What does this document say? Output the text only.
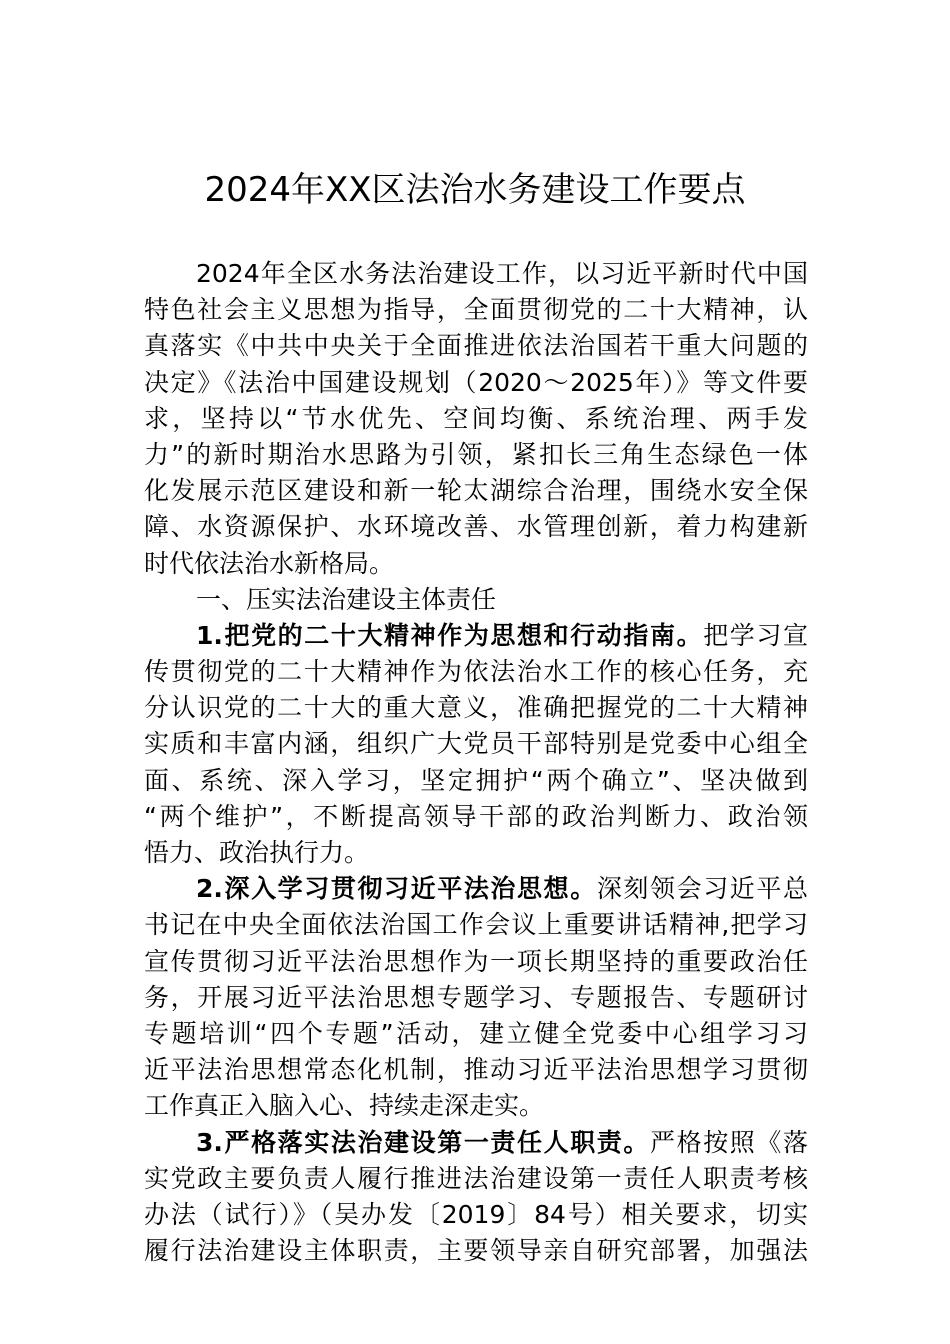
2024年XX区法治水务建设工作要点
2024年全区水务法治建设工作，以习近平新时代中国
特色社会主义思想为指导，全面贯彻党的二十大精神，认
真落实《中共中央关于全面推进依法治国若干重大问题的
决定》《法治中国建设规划（2020～2025年）》等文件要
求，坚持以“节水优先、空间均衡、系统治理、两手发
力”的新时期治水思路为引领，紧扣长三角生态绿色一体
化发展示范区建设和新一轮太湖综合治理，围绕水安全保
障、水资源保护、水环境改善、水管理创新，着力构建新
时代依法治水新格局。
一、压实法治建设主体责任
1.把党的二十大精神作为思想和行动指南。把学习宣
传贯彻党的二十大精神作为依法治水工作的核心任务，充
分认识党的二十大的重大意义，准确把握党的二十大精神
实质和丰富内涵，组织广大党员干部特别是党委中心组全
面、系统、深入学习，坚定拥护“两个确立”、坚决做到
“两个维护”，不断提高领导干部的政治判断力、政治领
悟力、政治执行力。
2.深入学习贯彻习近平法治思想。深刻领会习近平总
书记在中央全面依法治国工作会议上重要讲话精神,把学习
宣传贯彻习近平法治思想作为一项长期坚持的重要政治任
务，开展习近平法治思想专题学习、专题报告、专题研讨
专题培训“四个专题”活动，建立健全党委中心组学习习
近平法治思想常态化机制，推动习近平法治思想学习贯彻
工作真正入脑入心、持续走深走实。
3.严格落实法治建设第一责任人职责。严格按照《落
实党政主要负责人履行推进法治建设第一责任人职责考核
办法（试行）》（吴办发〔2019〕84号）相关要求，切实
履行法治建设主体职责，主要领导亲自研究部署，加强法
